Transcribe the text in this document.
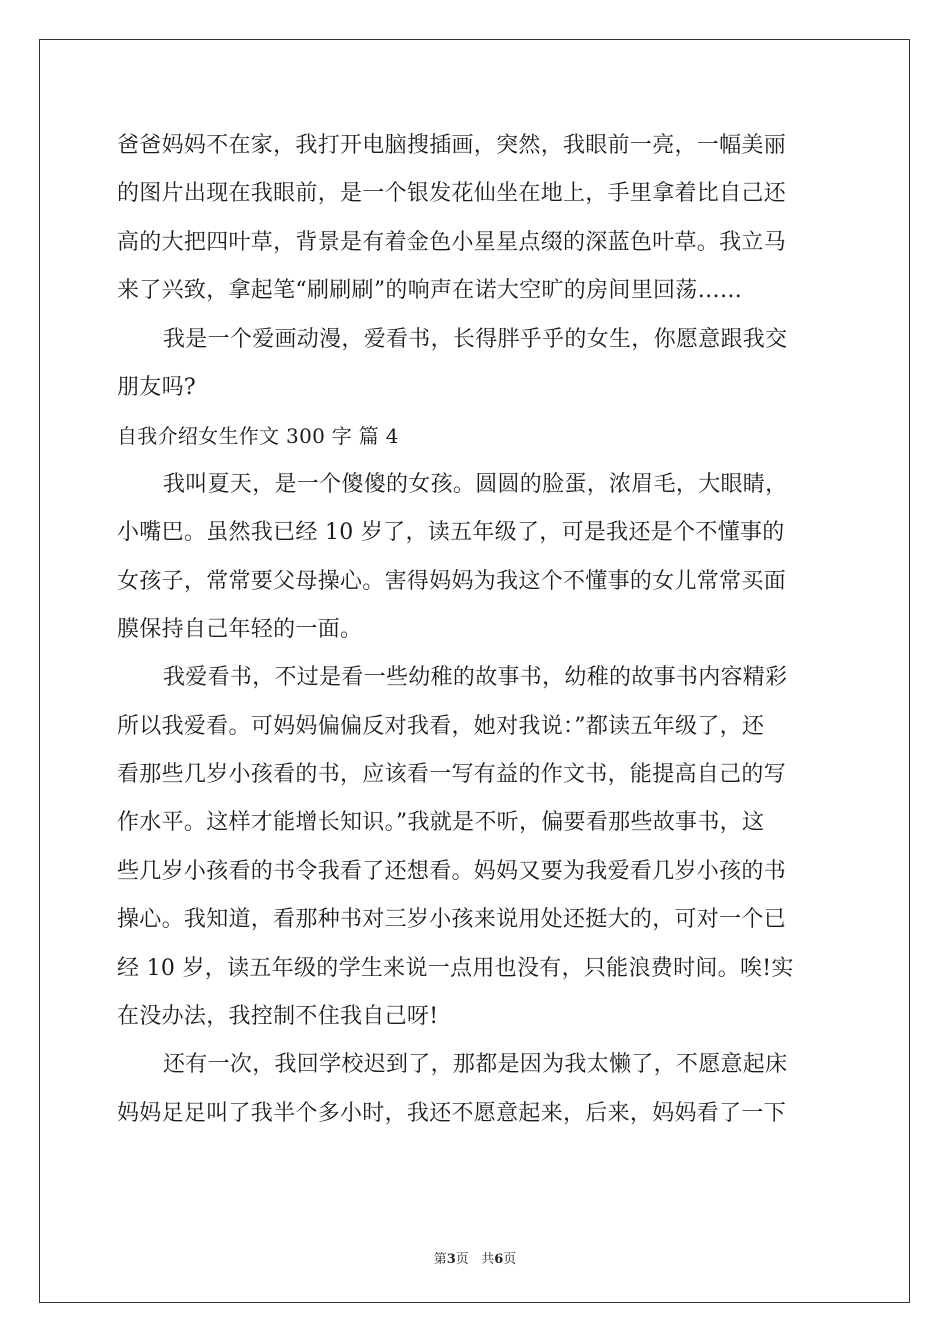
爸爸妈妈不在家，我打开电脑搜插画，突然，我眼前一亮，一幅美丽
的图片出现在我眼前，是一个银发花仙坐在地上，手里拿着比自己还
高的大把四叶草，背景是有着金色小星星点缀的深蓝色叶草。我立马
来了兴致，拿起笔“刷刷刷”的响声在诺大空旷的房间里回荡……
我是一个爱画动漫，爱看书，长得胖乎乎的女生，你愿意跟我交
朋友吗?
自我介绍女生作文 300 字 篇 4
我叫夏天，是一个傻傻的女孩。圆圆的脸蛋，浓眉毛，大眼睛，
小嘴巴。虽然我已经 10 岁了，读五年级了，可是我还是个不懂事的
女孩子，常常要父母操心。害得妈妈为我这个不懂事的女儿常常买面
膜保持自己年轻的一面。
我爱看书，不过是看一些幼稚的故事书，幼稚的故事书内容精彩
所以我爱看。可妈妈偏偏反对我看，她对我说：”都读五年级了，还
看那些几岁小孩看的书，应该看一写有益的作文书，能提高自己的写
作水平。这样才能增长知识。”我就是不听，偏要看那些故事书，这
些几岁小孩看的书令我看了还想看。妈妈又要为我爱看几岁小孩的书
操心。我知道，看那种书对三岁小孩来说用处还挺大的，可对一个已
经 10 岁，读五年级的学生来说一点用也没有，只能浪费时间。唉!实
在没办法，我控制不住我自己呀!
还有一次，我回学校迟到了，那都是因为我太懒了，不愿意起床
妈妈足足叫了我半个多小时，我还不愿意起来，后来，妈妈看了一下
第3页 共6页
